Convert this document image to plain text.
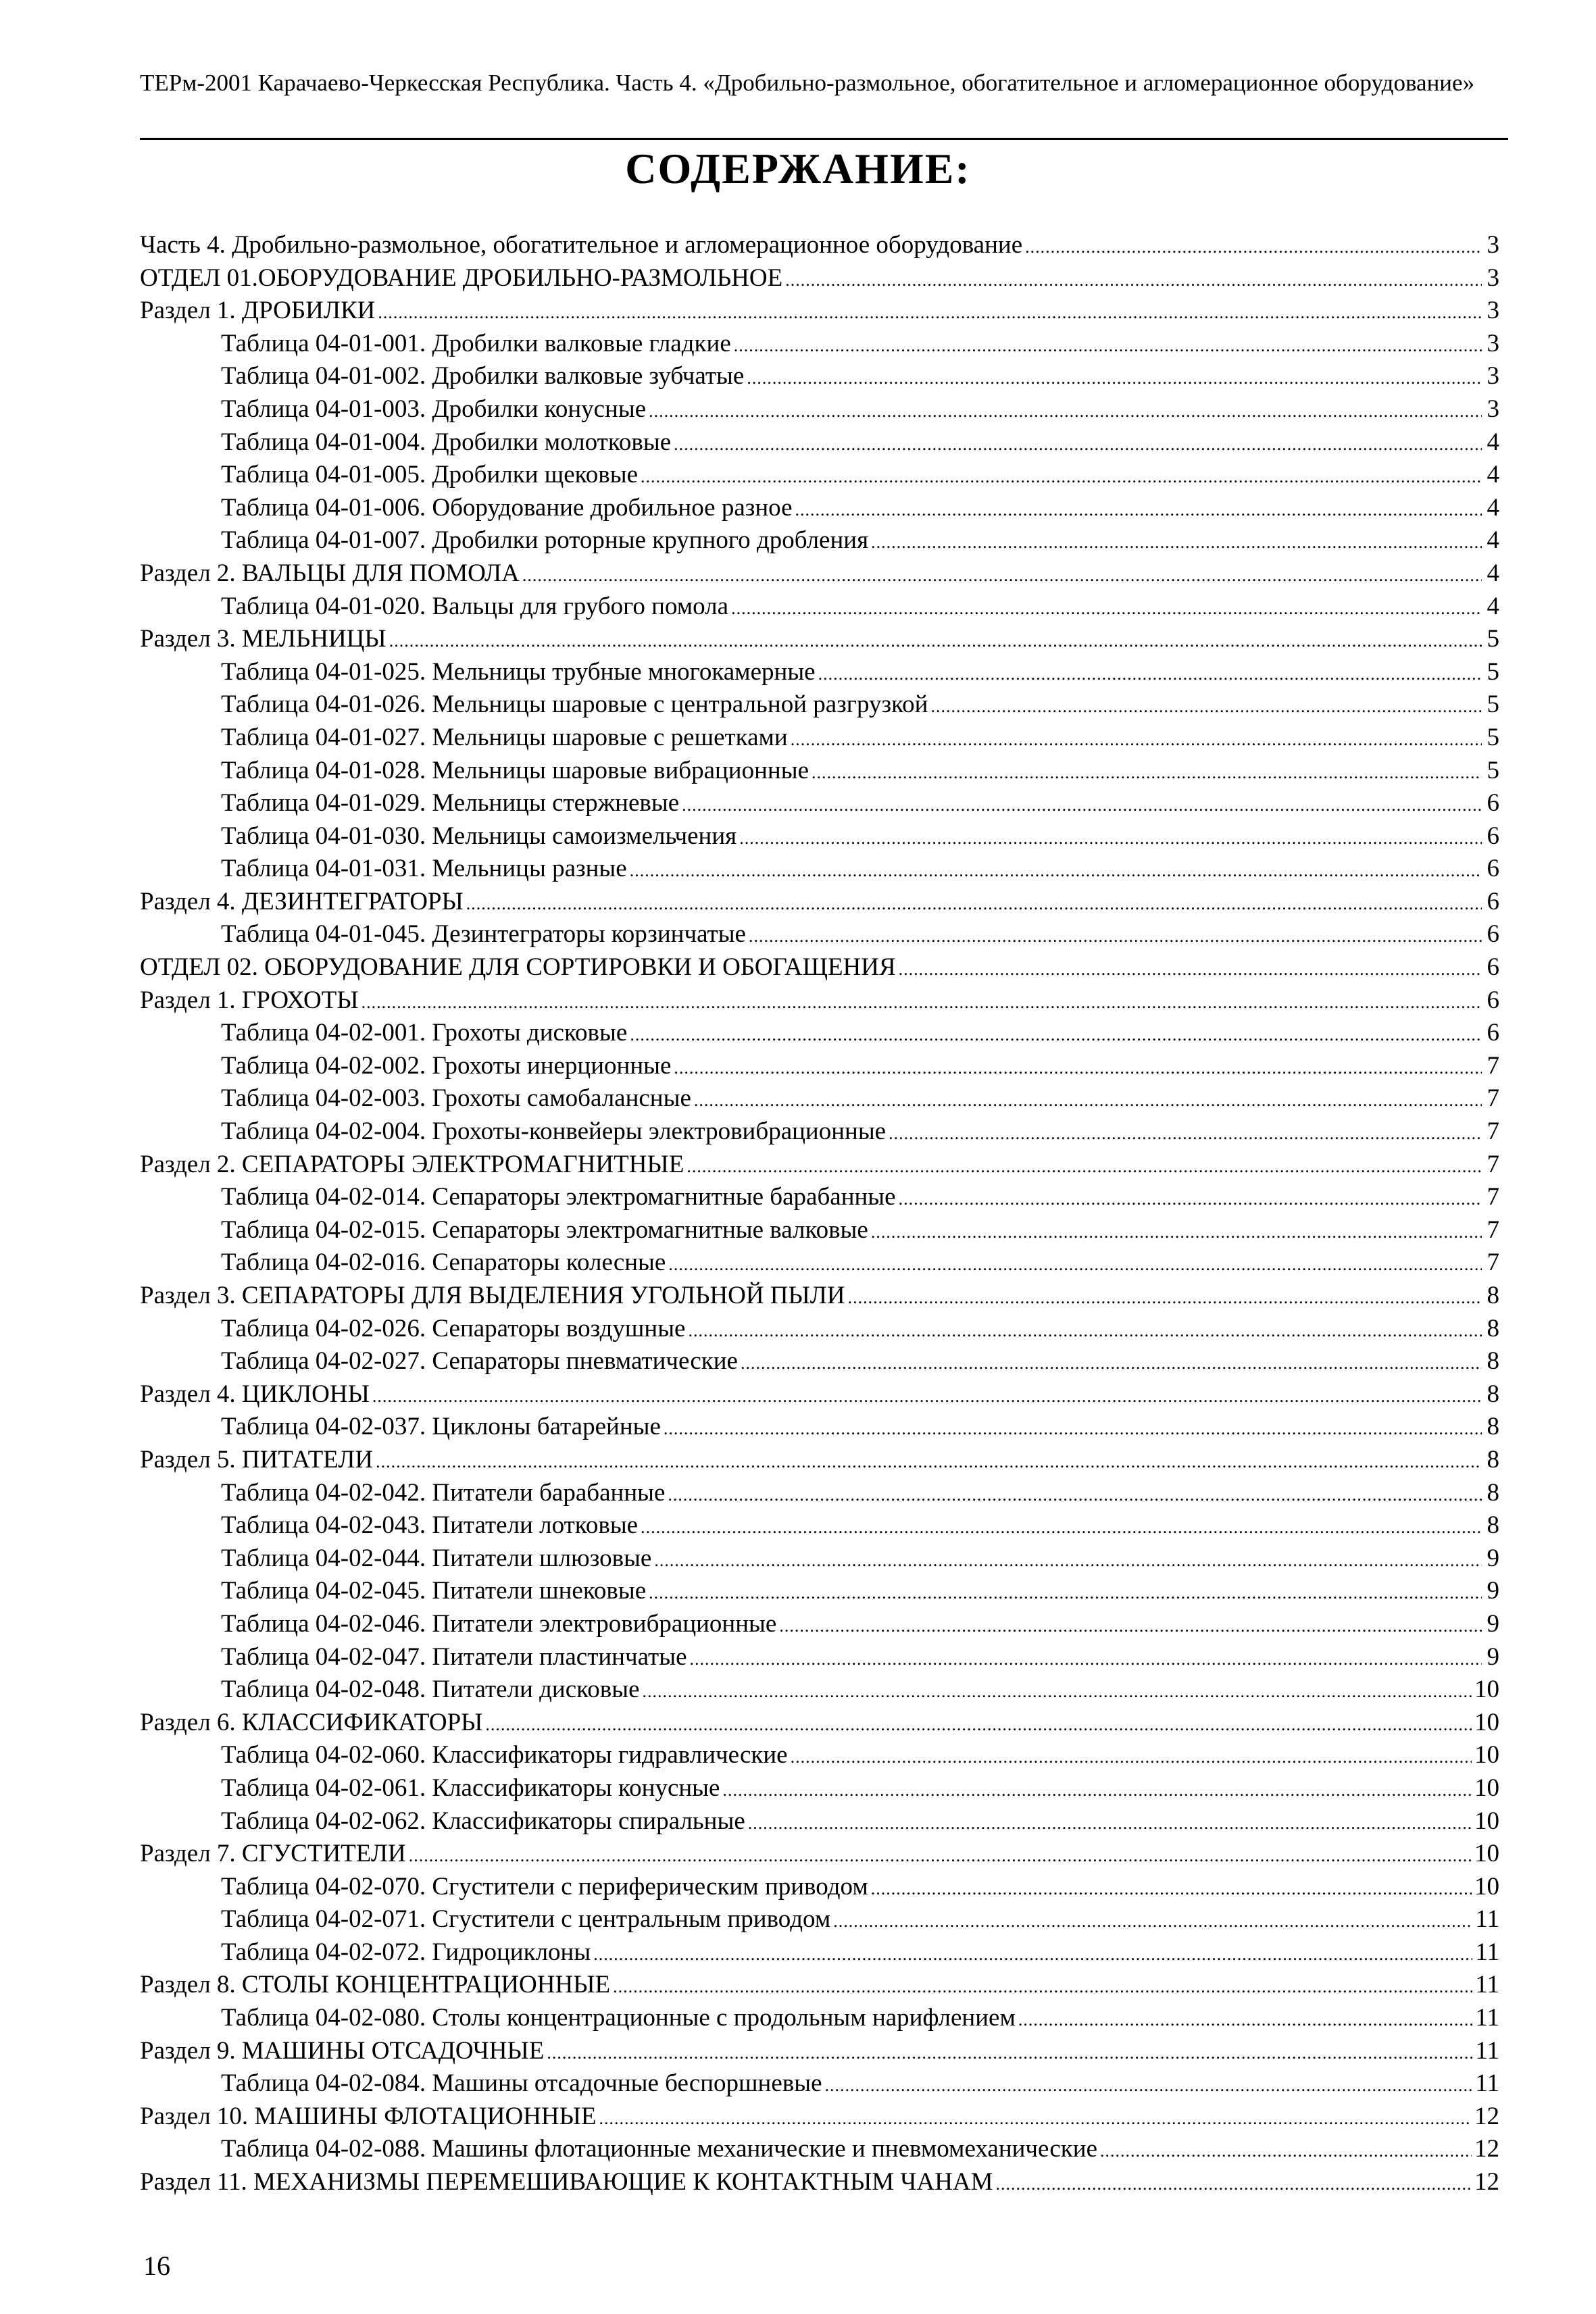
ТЕРм-2001 Карачаево-Черкесская Республика. Часть 4. «Дробильно-размольное, обогатительное и агломерационное оборудование»
СОДЕРЖАНИЕ:
Часть 4. Дробильно-размольное, обогатительное и агломерационное оборудование .....	3
ОТДЕЛ 01.ОБОРУДОВАНИЕ ДРОБИЛЬНО-РАЗМОЛЬНОЕ .....	3
Раздел 1. ДРОБИЛКИ .....	3
Таблица 04-01-001. Дробилки валковые гладкие .....	3
Таблица 04-01-002. Дробилки валковые зубчатые .....	3
Таблица 04-01-003. Дробилки конусные .....	3
Таблица 04-01-004. Дробилки молотковые .....	4
Таблица 04-01-005. Дробилки щековые .....	4
Таблица 04-01-006. Оборудование дробильное разное .....	4
Таблица 04-01-007. Дробилки роторные крупного дробления .....	4
Раздел 2. ВАЛЬЦЫ ДЛЯ ПОМОЛА .....	4
Таблица 04-01-020. Вальцы для грубого помола .....	4
Раздел 3. МЕЛЬНИЦЫ .....	5
Таблица 04-01-025. Мельницы трубные многокамерные .....	5
Таблица 04-01-026. Мельницы шаровые с центральной разгрузкой .....	5
Таблица 04-01-027. Мельницы шаровые с решетками .....	5
Таблица 04-01-028. Мельницы шаровые вибрационные .....	5
Таблица 04-01-029. Мельницы стержневые .....	6
Таблица 04-01-030. Мельницы самоизмельчения .....	6
Таблица 04-01-031. Мельницы разные .....	6
Раздел 4. ДЕЗИНТЕГРАТОРЫ .....	6
Таблица 04-01-045. Дезинтеграторы корзинчатые .....	6
ОТДЕЛ 02. ОБОРУДОВАНИЕ ДЛЯ СОРТИРОВКИ И ОБОГАЩЕНИЯ .....	6
Раздел 1. ГРОХОТЫ .....	6
Таблица 04-02-001. Грохоты дисковые .....	6
Таблица 04-02-002. Грохоты инерционные .....	7
Таблица 04-02-003. Грохоты самобалансные .....	7
Таблица 04-02-004. Грохоты-конвейеры электровибрационные .....	7
Раздел 2. СЕПАРАТОРЫ ЭЛЕКТРОМАГНИТНЫЕ .....	7
Таблица 04-02-014. Сепараторы электромагнитные барабанные .....	7
Таблица 04-02-015. Сепараторы электромагнитные валковые .....	7
Таблица 04-02-016. Сепараторы колесные .....	7
Раздел 3. СЕПАРАТОРЫ ДЛЯ ВЫДЕЛЕНИЯ УГОЛЬНОЙ ПЫЛИ .....	8
Таблица 04-02-026. Сепараторы воздушные .....	8
Таблица 04-02-027. Сепараторы пневматические .....	8
Раздел 4. ЦИКЛОНЫ .....	8
Таблица 04-02-037. Циклоны батарейные .....	8
Раздел 5. ПИТАТЕЛИ .....	8
Таблица 04-02-042. Питатели барабанные .....	8
Таблица 04-02-043. Питатели лотковые .....	8
Таблица 04-02-044. Питатели шлюзовые .....	9
Таблица 04-02-045. Питатели шнековые .....	9
Таблица 04-02-046. Питатели электровибрационные .....	9
Таблица 04-02-047. Питатели пластинчатые .....	9
Таблица 04-02-048. Питатели дисковые .....	10
Раздел 6. КЛАССИФИКАТОРЫ .....	10
Таблица 04-02-060. Классификаторы гидравлические .....	10
Таблица 04-02-061. Классификаторы конусные .....	10
Таблица 04-02-062. Классификаторы спиральные .....	10
Раздел 7. СГУСТИТЕЛИ .....	10
Таблица 04-02-070. Сгустители с периферическим приводом .....	10
Таблица 04-02-071. Сгустители с центральным приводом .....	11
Таблица 04-02-072. Гидроциклоны .....	11
Раздел 8. СТОЛЫ КОНЦЕНТРАЦИОННЫЕ .....	11
Таблица 04-02-080. Столы концентрационные с продольным нарифлением .....	11
Раздел 9. МАШИНЫ ОТСАДОЧНЫЕ .....	11
Таблица 04-02-084. Машины отсадочные беспоршневые .....	11
Раздел 10. МАШИНЫ ФЛОТАЦИОННЫЕ .....	12
Таблица 04-02-088. Машины флотационные механические и пневмомеханические .....	12
Раздел 11. МЕХАНИЗМЫ ПЕРЕМЕШИВАЮЩИЕ К КОНТАКТНЫМ ЧАНАМ .....	12
16
